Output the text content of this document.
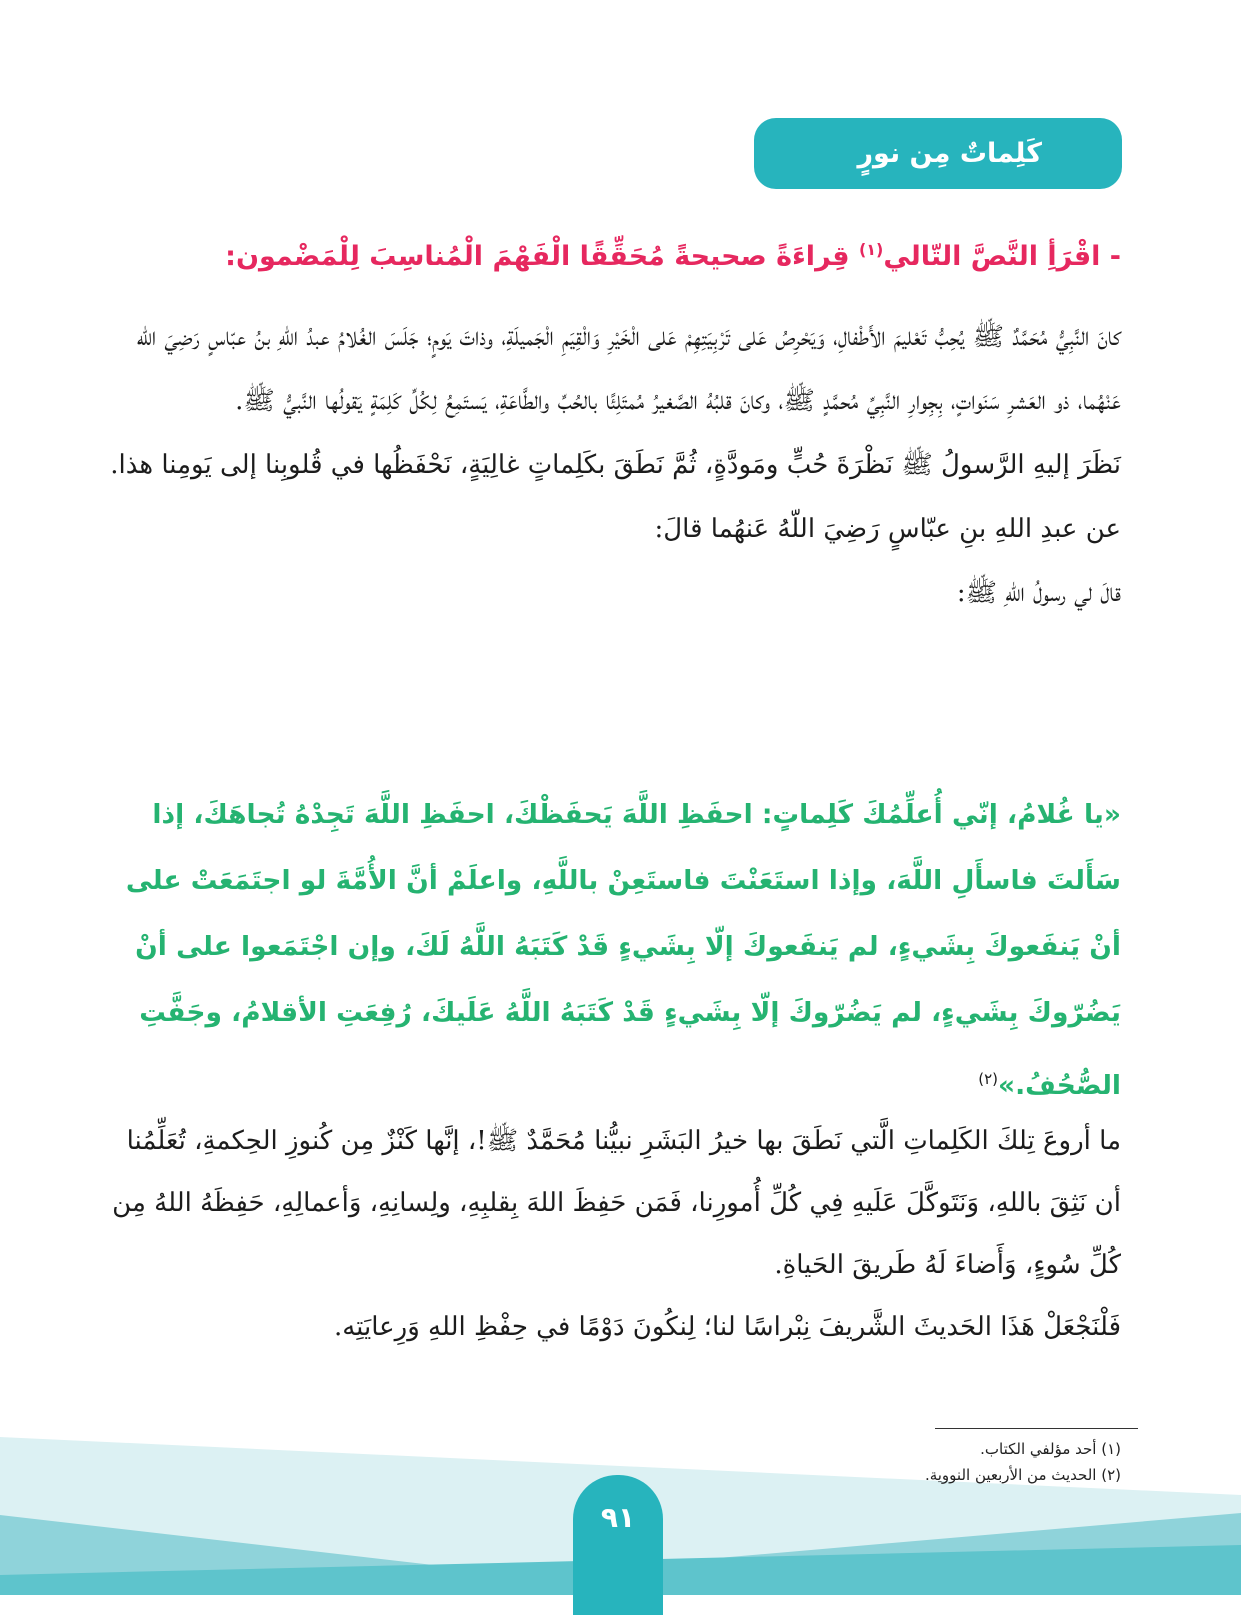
كَلِماتٌ مِن نورٍ
- اقْرَأِ النَّصَّ التّالي$^{(١)}$ قِراءَةً صحيحةً مُحَقِّقًا الْفَهْمَ الْمُناسِبَ لِلْمَضْمون:

كانَ النَّبِيُّ مُحَمَّدٌ ﷺ يُحِبُّ تَعْليمَ الأَطْفالِ، وَيَحْرِصُ عَلى تَرْبِيَتِهِمْ عَلى الْخَيْرِ وَالْقِيَمِ الْجَميلَةِ، وذاتَ يَومٍ؛ جَلَسَ الغُلامُ عبدُ اللهِ بنُ عبّاسٍ رَضِيَ الله عَنْهُما، ذو العَشرِ سَنَواتٍ، بِجِوارِ النَّبِيِّ مُحمَّدٍ ﷺ، وكانَ قلبُهُ الصَّغيرُ مُمتَلِئًا بالحُبِّ والطَّاعَةِ، يَستَمِعُ لِكُلِّ كَلِمَةٍ يَقولُها النَّبيُّ ﷺ.

نَظَرَ إليهِ الرَّسولُ ﷺ نَظْرَةَ حُبٍّ ومَودَّةٍ، ثُمَّ نَطَقَ بكَلِماتٍ غالِيَةٍ، نَحْفَظُها في قُلوبِنا إلى يَومِنا هذا.

عن عبدِ اللهِ بنِ عبّاسٍ رَضِيَ اللّهُ عَنهُما قالَ:

قالَ لي رسولُ اللهِ ﷺ:

«يا غُلامُ، إنّي أُعلِّمُكَ كَلِماتٍ: احفَظِ اللَّهَ يَحفَظْكَ، احفَظِ اللَّهَ تَجِدْهُ تُجاهَكَ، إذا سَأَلتَ فاسأَلِ اللَّهَ، وإذا استَعَنْتَ فاستَعِنْ باللَّهِ، واعلَمْ أنَّ الأُمَّةَ لو اجتَمَعَتْ على أنْ يَنفَعوكَ بِشَيءٍ، لم يَنفَعوكَ إلّا بِشَيءٍ قَدْ كَتَبَهُ اللَّهُ لَكَ، وإن اجْتَمَعوا على أنْ يَضُرّوكَ بِشَيءٍ، لم يَضُرّوكَ إلّا بِشَيءٍ قَدْ كَتَبَهُ اللَّهُ عَلَيكَ، رُفِعَتِ الأقلامُ، وجَفَّتِ الصُّحُفُ.»$^{(٢)}$

ما أروعَ تِلكَ الكَلِماتِ الَّتي نَطَقَ بها خيرُ البَشَرِ نبيُّنا مُحَمَّدٌ ﷺ!، إنَّها كَنْزٌ مِن كُنوزِ الحِكمةِ، تُعَلِّمُنا أن نَثِقَ باللهِ، وَنَتَوكَّلَ عَلَيهِ فِي كُلِّ أُمورِنا، فَمَن حَفِظَ اللهَ بِقلبِهِ، ولِسانِهِ، وَأعمالِهِ، حَفِظَهُ اللهُ مِن كُلِّ سُوءٍ، وَأَضاءَ لَهُ طَريقَ الحَياةِ.

فَلْنَجْعَلْ هَذَا الحَديثَ الشَّريفَ نِبْراسًا لنا؛ لِنكُونَ دَوْمًا في حِفْظِ اللهِ وَرِعايَتِه.

(١) أحد مؤلفي الكتاب.
(٢) الحديث من الأربعين النووية.
٩١
